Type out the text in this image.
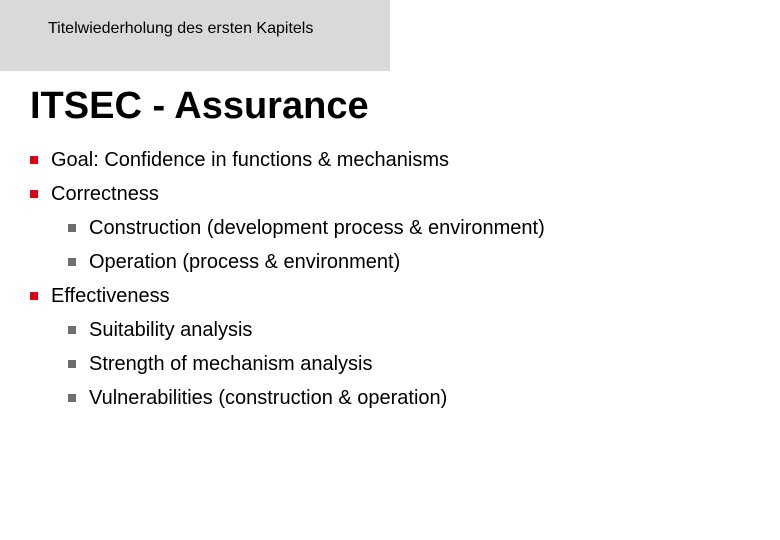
Titelwiederholung des ersten Kapitels
ITSEC - Assurance
Goal: Confidence in functions & mechanisms
Correctness
Construction (development process & environment)
Operation (process & environment)
Effectiveness
Suitability analysis
Strength of mechanism analysis
Vulnerabilities (construction & operation)
